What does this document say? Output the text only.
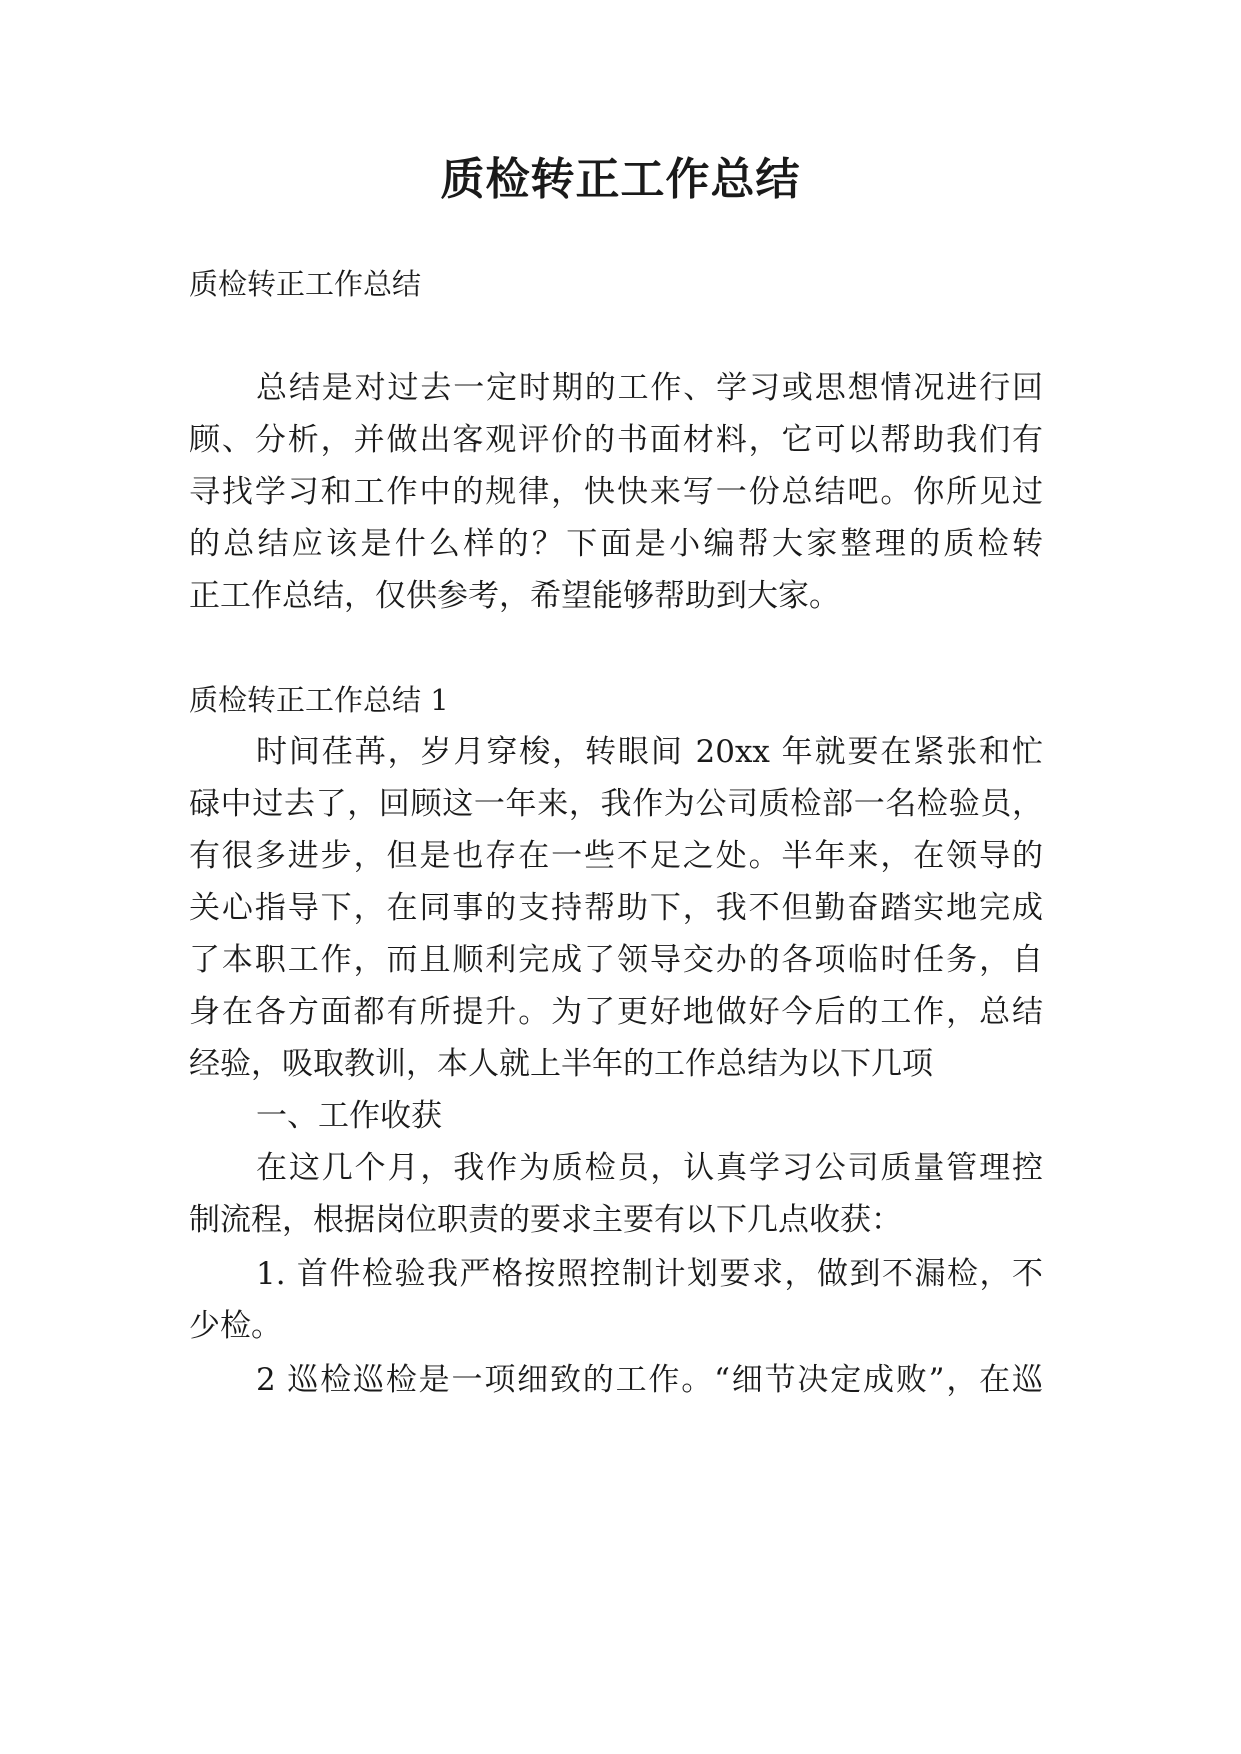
质检转正工作总结

质检转正工作总结

总结是对过去一定时期的工作、学习或思想情况进行回

顾、分析，并做出客观评价的书面材料，它可以帮助我们有

寻找学习和工作中的规律，快快来写一份总结吧。你所见过

的总结应该是什么样的？下面是小编帮大家整理的质检转

正工作总结，仅供参考，希望能够帮助到大家。

质检转正工作总结 1

时间荏苒，岁月穿梭，转眼间 20xx 年就要在紧张和忙

碌中过去了，回顾这一年来，我作为公司质检部一名检验员，

有很多进步，但是也存在一些不足之处。半年来，在领导的

关心指导下，在同事的支持帮助下，我不但勤奋踏实地完成

了本职工作，而且顺利完成了领导交办的各项临时任务，自

身在各方面都有所提升。为了更好地做好今后的工作，总结

经验，吸取教训，本人就上半年的工作总结为以下几项

一、工作收获

在这几个月，我作为质检员，认真学习公司质量管理控

制流程，根据岗位职责的要求主要有以下几点收获：

1. 首件检验我严格按照控制计划要求，做到不漏检，不

少检。

2 巡检巡检是一项细致的工作。“细节决定成败”，在巡
